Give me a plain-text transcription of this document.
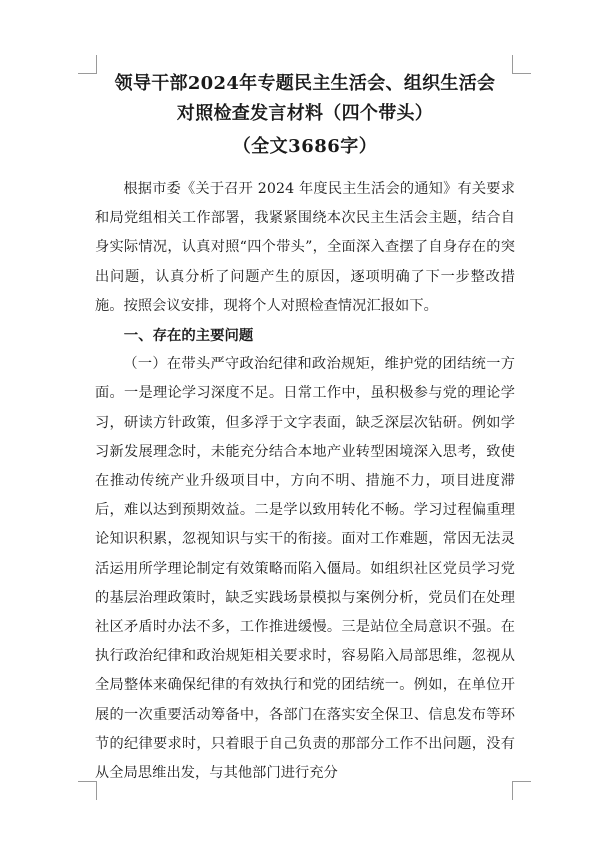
领导干部2024年专题民主生活会、组织生活会

对照检查发言材料（四个带头）

（全文3686字）

根据市委《关于召开 2024 年度民主生活会的通知》有关要求和局党组相关工作部署，我紧紧围绕本次民主生活会主题，结合自身实际情况，认真对照“四个带头”，全面深入查摆了自身存在的突出问题，认真分析了问题产生的原因，逐项明确了下一步整改措施。按照会议安排，现将个人对照检查情况汇报如下。

一、存在的主要问题

（一）在带头严守政治纪律和政治规矩，维护党的团结统一方面。一是理论学习深度不足。日常工作中，虽积极参与党的理论学习，研读方针政策，但多浮于文字表面，缺乏深层次钻研。例如学习新发展理念时，未能充分结合本地产业转型困境深入思考，致使在推动传统产业升级项目中，方向不明、措施不力，项目进度滞后，难以达到预期效益。二是学以致用转化不畅。学习过程偏重理论知识积累，忽视知识与实干的衔接。面对工作难题，常因无法灵活运用所学理论制定有效策略而陷入僵局。如组织社区党员学习党的基层治理政策时，缺乏实践场景模拟与案例分析，党员们在处理社区矛盾时办法不多，工作推进缓慢。三是站位全局意识不强。在执行政治纪律和政治规矩相关要求时，容易陷入局部思维，忽视从全局整体来确保纪律的有效执行和党的团结统一。例如，在单位开展的一次重要活动筹备中，各部门在落实安全保卫、信息发布等环节的纪律要求时，只着眼于自己负责的那部分工作不出问题，没有从全局思维出发，与其他部门进行充分
